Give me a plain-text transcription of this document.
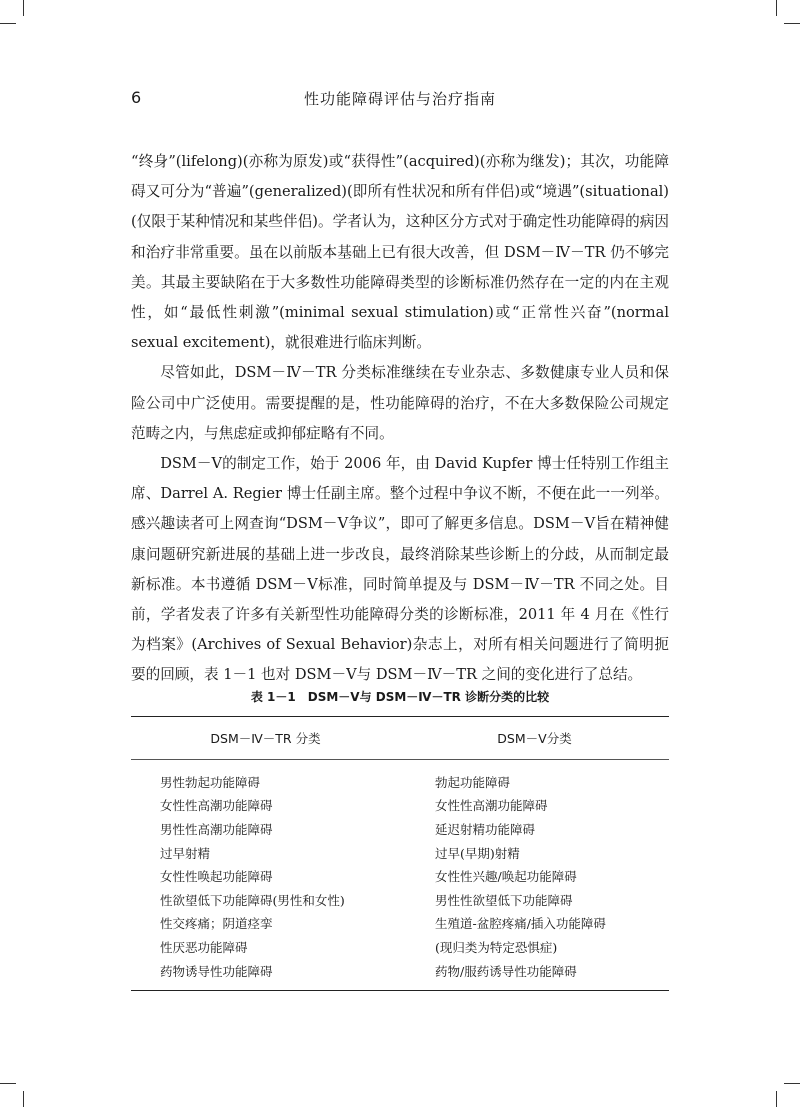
6	性功能障碍评估与治疗指南

“终身”(lifelong)(亦称为原发)或“获得性”(acquired)(亦称为继发)；其次，功能障碍又可分为“普遍”(generalized)(即所有性状况和所有伴侣)或“境遇”(situational)(仅限于某种情况和某些伴侣)。学者认为，这种区分方式对于确定性功能障碍的病因和治疗非常重要。虽在以前版本基础上已有很大改善，但 DSM－Ⅳ－TR 仍不够完美。其最主要缺陷在于大多数性功能障碍类型的诊断标准仍然存在一定的内在主观性，如“最低性刺激”(minimal sexual stimulation)或“正常性兴奋”(normal sexual excitement)，就很难进行临床判断。

尽管如此，DSM－Ⅳ－TR 分类标准继续在专业杂志、多数健康专业人员和保险公司中广泛使用。需要提醒的是，性功能障碍的治疗，不在大多数保险公司规定范畴之内，与焦虑症或抑郁症略有不同。

DSM－Ⅴ的制定工作，始于 2006 年，由 David Kupfer 博士任特别工作组主席、Darrel A. Regier 博士任副主席。整个过程中争议不断，不便在此一一列举。感兴趣读者可上网查询“DSM－Ⅴ争议”，即可了解更多信息。DSM－Ⅴ旨在精神健康问题研究新进展的基础上进一步改良，最终消除某些诊断上的分歧，从而制定最新标准。本书遵循 DSM－Ⅴ标准，同时简单提及与 DSM－Ⅳ－TR 不同之处。目前，学者发表了许多有关新型性功能障碍分类的诊断标准，2011 年 4 月在《性行为档案》(Archives of Sexual Behavior)杂志上，对所有相关问题进行了简明扼要的回顾，表 1－1 也对 DSM－Ⅴ与 DSM－Ⅳ－TR 之间的变化进行了总结。

表 1－1　DSM－Ⅴ与 DSM－Ⅳ－TR 诊断分类的比较
DSM－Ⅳ－TR 分类	DSM－Ⅴ分类
男性勃起功能障碍	勃起功能障碍
女性性高潮功能障碍	女性性高潮功能障碍
男性性高潮功能障碍	延迟射精功能障碍
过早射精	过早(早期)射精
女性性唤起功能障碍	女性性兴趣/唤起功能障碍
性欲望低下功能障碍(男性和女性)	男性性欲望低下功能障碍
性交疼痛；阴道痉挛	生殖道-盆腔疼痛/插入功能障碍
性厌恶功能障碍	(现归类为特定恐惧症)
药物诱导性功能障碍	药物/服药诱导性功能障碍
